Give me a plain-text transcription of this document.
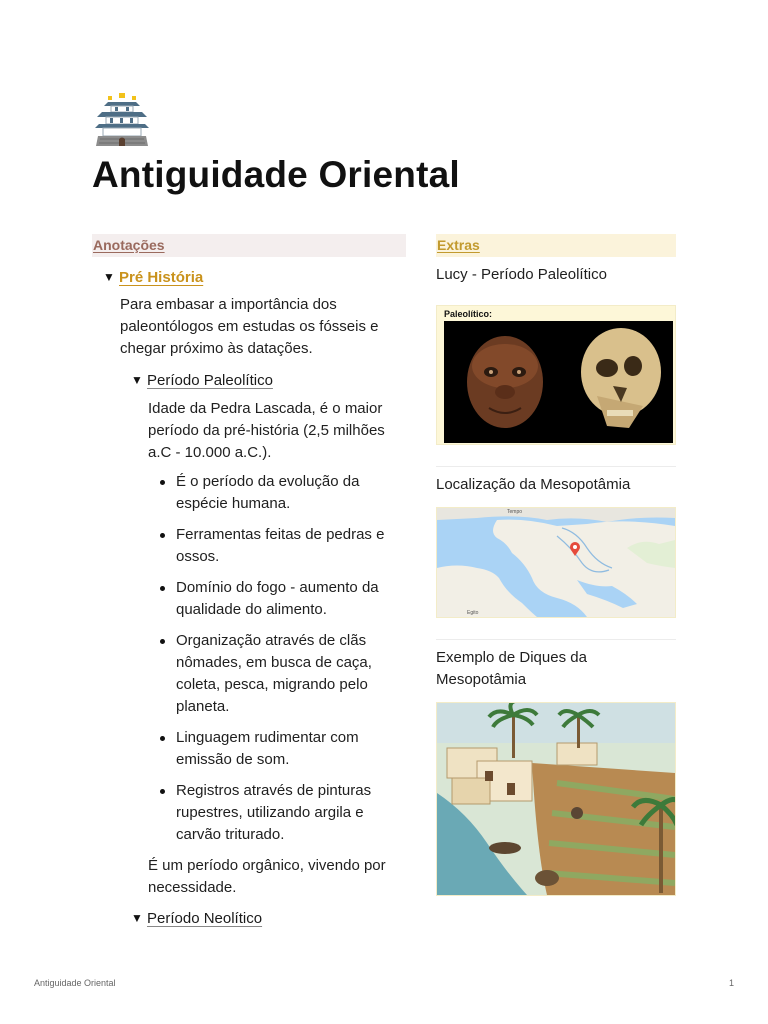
Antiguidade Oriental
Anotações
▼ Pré História

Para embasar a importância dos paleontólogos em estudas os fósseis e chegar próximo às datações.

▼ Período Paleolítico

Idade da Pedra Lascada, é o maior período da pré-história (2,5 milhões a.C - 10.000 a.C.).

É o período da evolução da espécie humana.
Ferramentas feitas de pedras e ossos.
Domínio do fogo - aumento da qualidade do alimento.
Organização através de clãs nômades, em busca de caça, coleta, pesca, migrando pelo planeta.
Linguagem rudimentar com emissão de som.
Registros através de pinturas rupestres, utilizando argila e carvão triturado.

É um período orgânico, vivendo por necessidade.

▼ Período Neolítico
Extras
Lucy - Período Paleolítico
Paleolítico:
Localização da Mesopotâmia
Tempo
Egito
Exemplo de Diques da Mesopotâmia
Antiguidade Oriental	1
